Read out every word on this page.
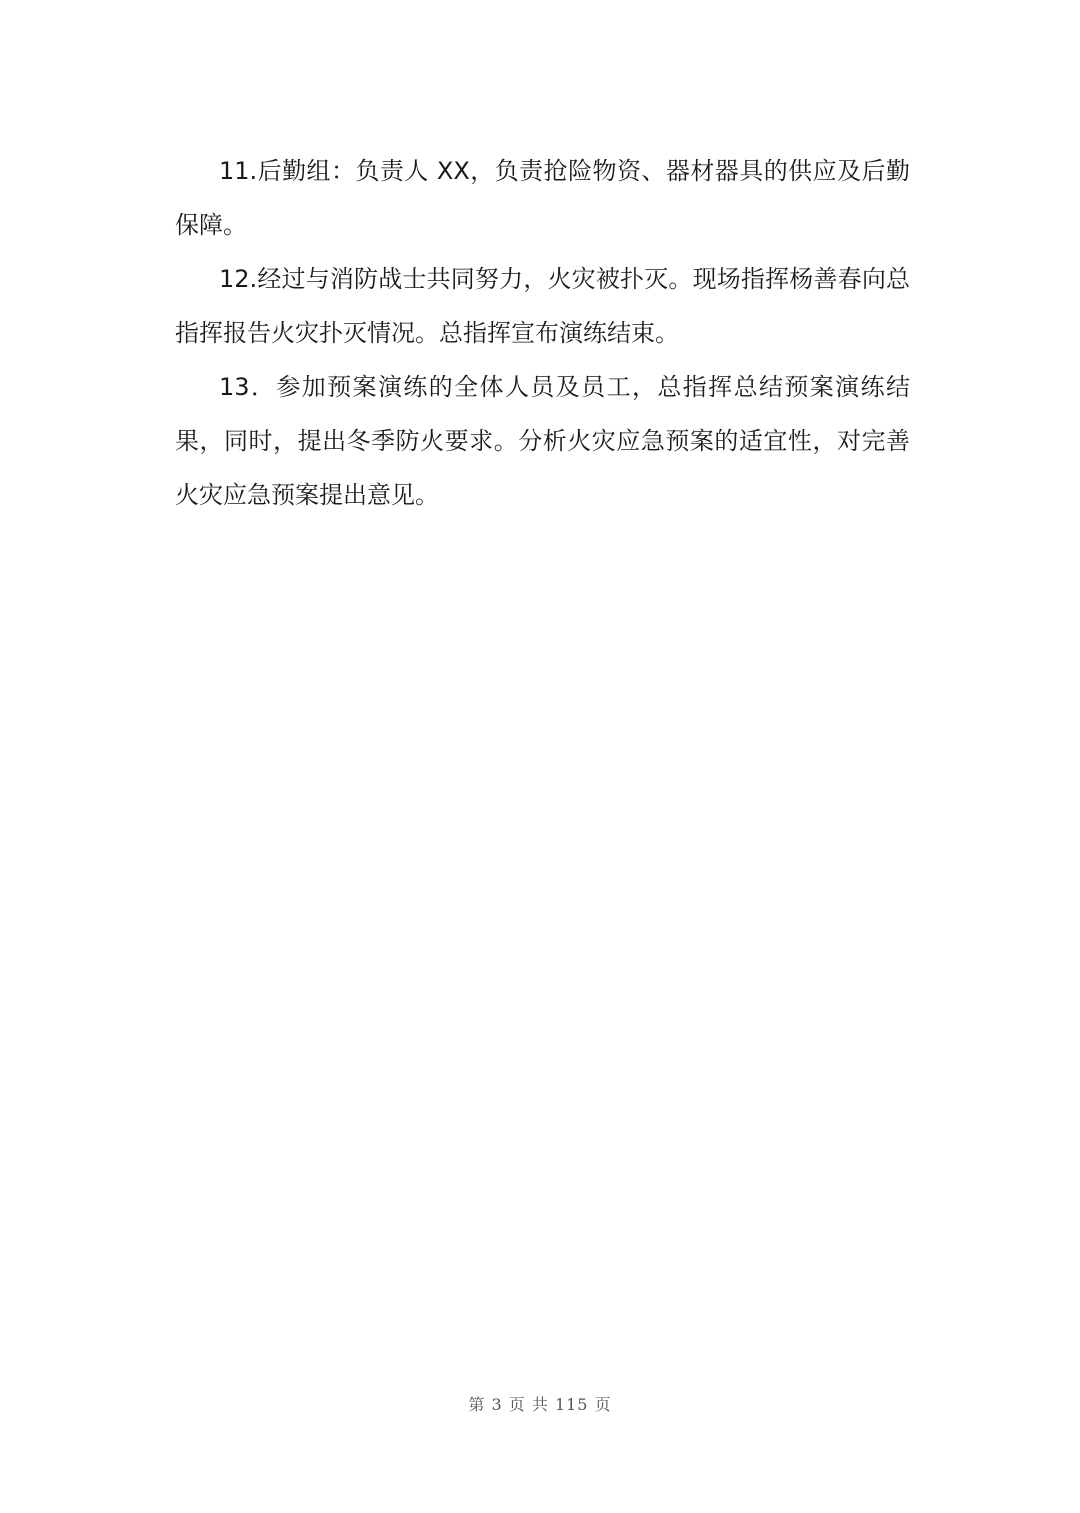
11.后勤组：负责人 XX，负责抢险物资、器材器具的供应及后勤保障。

12.经过与消防战士共同努力，火灾被扑灭。现场指挥杨善春向总指挥报告火灾扑灭情况。总指挥宣布演练结束。

13．参加预案演练的全体人员及员工，总指挥总结预案演练结果，同时，提出冬季防火要求。分析火灾应急预案的适宜性，对完善火灾应急预案提出意见。

第 3 页 共 115 页
